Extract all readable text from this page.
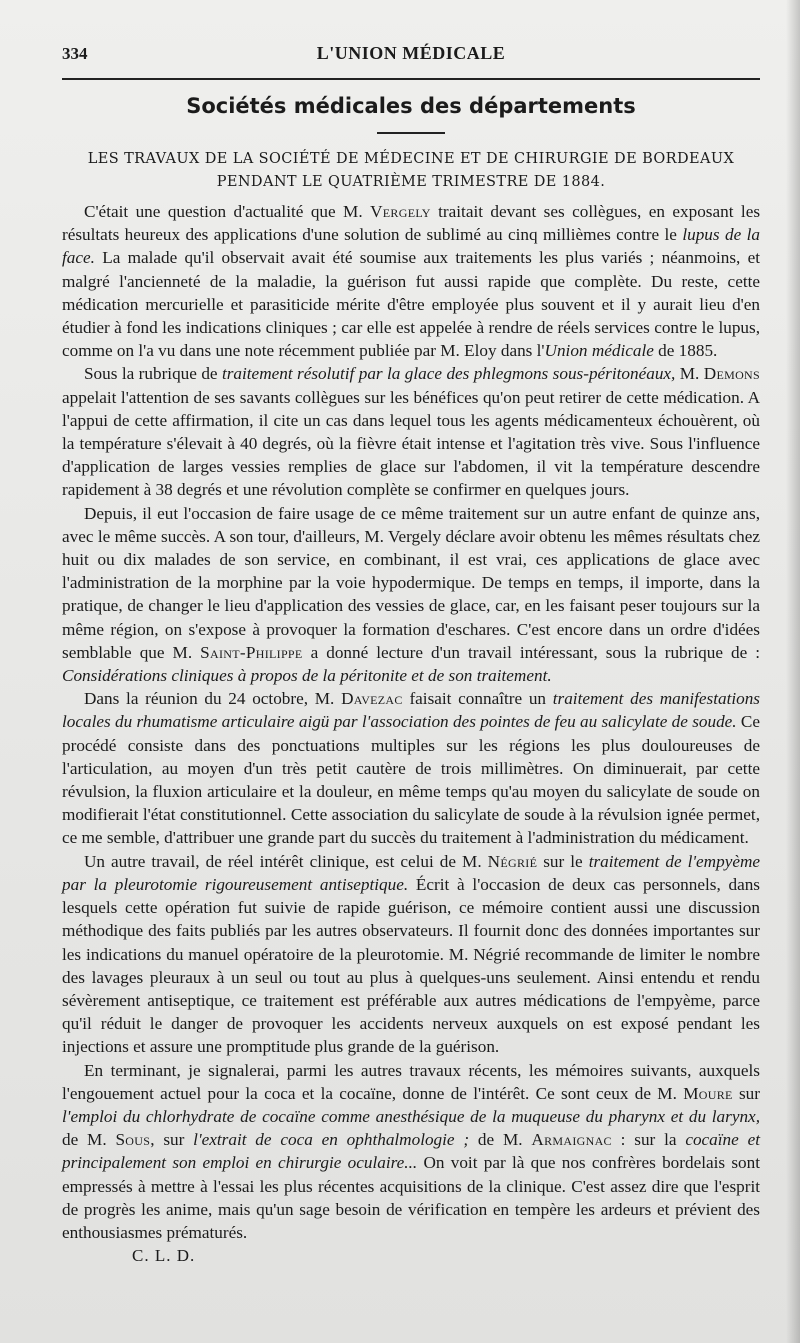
334	L'UNION MÉDICALE
Sociétés médicales des départements
LES TRAVAUX DE LA SOCIÉTÉ DE MÉDECINE ET DE CHIRURGIE DE BORDEAUX
PENDANT LE QUATRIÈME TRIMESTRE DE 1884.

C'était une question d'actualité que M. Vergely traitait devant ses collègues, en exposant les résultats heureux des applications d'une solution de sublimé au cinq millièmes contre le lupus de la face. La malade qu'il observait avait été soumise aux traitements les plus variés ; néanmoins, et malgré l'ancienneté de la maladie, la guérison fut aussi rapide que complète. Du reste, cette médication mercurielle et parasiticide mérite d'être employée plus souvent et il y aurait lieu d'en étudier à fond les indications cliniques ; car elle est appelée à rendre de réels services contre le lupus, comme on l'a vu dans une note récemment publiée par M. Eloy dans l'Union médicale de 1885.

Sous la rubrique de traitement résolutif par la glace des phlegmons sous-péritonéaux, M. Demons appelait l'attention de ses savants collègues sur les bénéfices qu'on peut retirer de cette médication. A l'appui de cette affirmation, il cite un cas dans lequel tous les agents médicamenteux échouèrent, où la température s'élevait à 40 degrés, où la fièvre était intense et l'agitation très vive. Sous l'influence d'application de larges vessies remplies de glace sur l'abdomen, il vit la température descendre rapidement à 38 degrés et une révolution complète se confirmer en quelques jours.

Depuis, il eut l'occasion de faire usage de ce même traitement sur un autre enfant de quinze ans, avec le même succès. A son tour, d'ailleurs, M. Vergely déclare avoir obtenu les mêmes résultats chez huit ou dix malades de son service, en combinant, il est vrai, ces applications de glace avec l'administration de la morphine par la voie hypodermique. De temps en temps, il importe, dans la pratique, de changer le lieu d'application des vessies de glace, car, en les faisant peser toujours sur la même région, on s'expose à provoquer la formation d'eschares. C'est encore dans un ordre d'idées semblable que M. Saint-Philippe a donné lecture d'un travail intéressant, sous la rubrique de : Considérations cliniques à propos de la péritonite et de son traitement.

Dans la réunion du 24 octobre, M. Davezac faisait connaître un traitement des manifestations locales du rhumatisme articulaire aigü par l'association des pointes de feu au salicylate de soude. Ce procédé consiste dans des ponctuations multiples sur les régions les plus douloureuses de l'articulation, au moyen d'un très petit cautère de trois millimètres. On diminuerait, par cette révulsion, la fluxion articulaire et la douleur, en même temps qu'au moyen du salicylate de soude on modifierait l'état constitutionnel. Cette association du salicylate de soude à la révulsion ignée permet, ce me semble, d'attribuer une grande part du succès du traitement à l'administration du médicament.

Un autre travail, de réel intérêt clinique, est celui de M. Négrié sur le traitement de l'empyème par la pleurotomie rigoureusement antiseptique. Écrit à l'occasion de deux cas personnels, dans lesquels cette opération fut suivie de rapide guérison, ce mémoire contient aussi une discussion méthodique des faits publiés par les autres observateurs. Il fournit donc des données importantes sur les indications du manuel opératoire de la pleurotomie. M. Négrié recommande de limiter le nombre des lavages pleuraux à un seul ou tout au plus à quelques-uns seulement. Ainsi entendu et rendu sévèrement antiseptique, ce traitement est préférable aux autres médications de l'empyème, parce qu'il réduit le danger de provoquer les accidents nerveux auxquels on est exposé pendant les injections et assure une promptitude plus grande de la guérison.

En terminant, je signalerai, parmi les autres travaux récents, les mémoires suivants, auxquels l'engouement actuel pour la coca et la cocaïne, donne de l'intérêt. Ce sont ceux de M. Moure sur l'emploi du chlorhydrate de cocaïne comme anesthésique de la muqueuse du pharynx et du larynx, de M. Sous, sur l'extrait de coca en ophthalmologie ; de M. Armaignac : sur la cocaïne et principalement son emploi en chirurgie oculaire... On voit par là que nos confrères bordelais sont empressés à mettre à l'essai les plus récentes acquisitions de la clinique. C'est assez dire que l'esprit de progrès les anime, mais qu'un sage besoin de vérification en tempère les ardeurs et prévient des enthousiasmes prématurés.

C. L. D.
